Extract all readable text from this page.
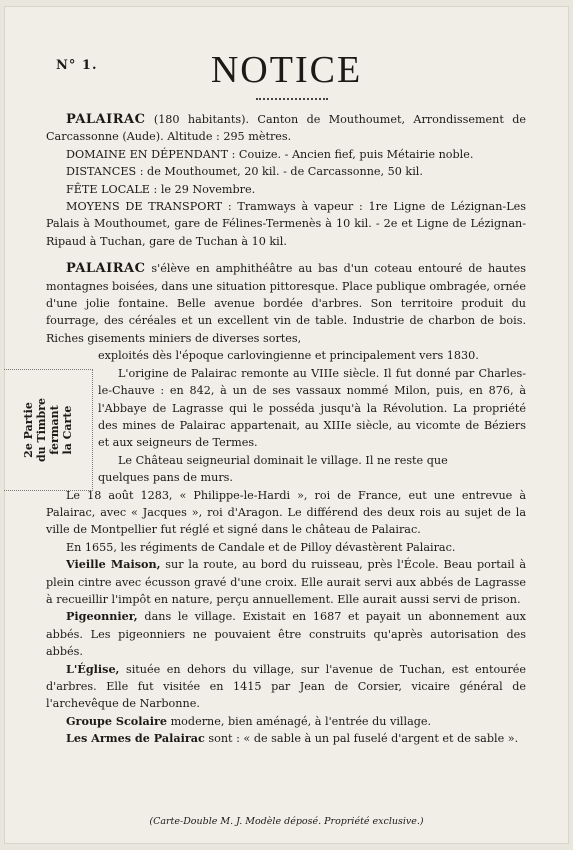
N° 1.	NOTICE

PALAIRAC (180 habitants). Canton de Mouthoumet, Arrondissement de Carcassonne (Aude). Altitude : 295 mètres.

DOMAINE EN DÉPENDANT : Couize. - Ancien fief, puis Métairie noble.

DISTANCES : de Mouthoumet, 20 kil. - de Carcassonne, 50 kil.

FÊTE LOCALE : le 29 Novembre.

MOYENS DE TRANSPORT : Tramways à vapeur : 1re Ligne de Lézignan-Les Palais à Mouthoumet, gare de Félines-Termenès à 10 kil. - 2e et Ligne de Lézignan-Ripaud à Tuchan, gare de Tuchan à 10 kil.

PALAIRAC s'élève en amphithéâtre au bas d'un coteau entouré de hautes montagnes boisées, dans une situation pittoresque. Place publique ombragée, ornée d'une jolie fontaine. Belle avenue bordée d'arbres. Son territoire produit du fourrage, des céréales et un excellent vin de table. Industrie de charbon de bois. Riches gisements miniers de diverses sortes,

exploités dès l'époque carlovingienne et principalement vers 1830.

L'origine de Palairac remonte au VIIIe siècle. Il fut donné par Charles-le-Chauve : en 842, à un de ses vassaux nommé Milon, puis, en 876, à l'Abbaye de Lagrasse qui le posséda jusqu'à la Révolution. La propriété des mines de Palairac appartenait, au XIIIe siècle, au vicomte de Béziers et aux seigneurs de Termes.

Le Château seigneurial dominait le village. Il ne reste que

quelques pans de murs.

Le 18 août 1283, « Philippe-le-Hardi », roi de France, eut une entrevue à Palairac, avec « Jacques », roi d'Aragon. Le différend des deux rois au sujet de la ville de Montpellier fut réglé et signé dans le château de Palairac.

En 1655, les régiments de Candale et de Pilloy dévastèrent Palairac.

Vieille Maison, sur la route, au bord du ruisseau, près l'École. Beau portail à plein cintre avec écusson gravé d'une croix. Elle aurait servi aux abbés de Lagrasse à recueillir l'impôt en nature, perçu annuellement. Elle aurait aussi servi de prison.

Pigeonnier, dans le village. Existait en 1687 et payait un abonnement aux abbés. Les pigeonniers ne pouvaient être construits qu'après autorisation des abbés.

L'Église, située en dehors du village, sur l'avenue de Tuchan, est entourée d'arbres. Elle fut visitée en 1415 par Jean de Corsier, vicaire général de l'archevêque de Narbonne.

Groupe Scolaire moderne, bien aménagé, à l'entrée du village.

Les Armes de Palairac sont : « de sable à un pal fuselé d'argent et de sable ».

2e Partie du Timbre fermant la Carte
(Carte-Double M. J. Modèle déposé. Propriété exclusive.)
